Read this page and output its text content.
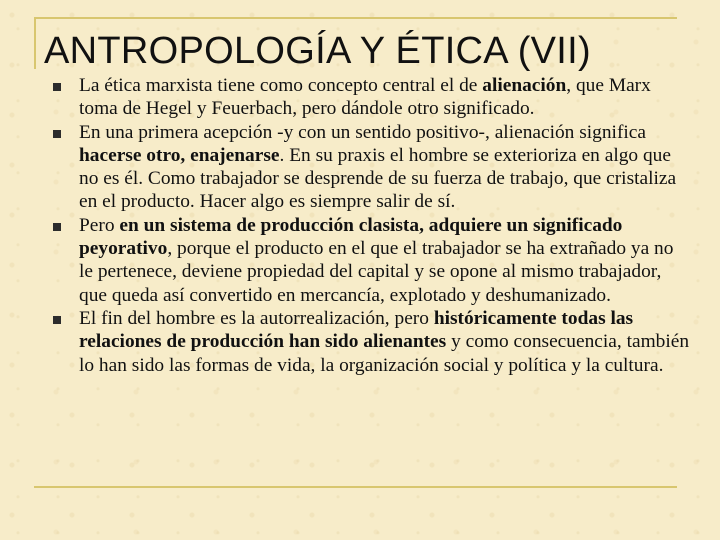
ANTROPOLOGÍA Y ÉTICA (VII)
La ética marxista tiene como concepto central el de alienación, que Marx toma de Hegel y Feuerbach, pero dándole otro significado.
En una primera acepción -y con un sentido positivo-, alienación significa hacerse otro, enajenarse. En su praxis el hombre se exterioriza en algo que no es él. Como trabajador se desprende de su fuerza de trabajo, que cristaliza en el producto. Hacer algo es siempre salir de sí.
Pero en un sistema de producción clasista, adquiere un significado peyorativo, porque el producto en el que el trabajador se ha extrañado ya no le pertenece, deviene propiedad del capital y se opone al mismo trabajador, que queda así convertido en mercancía, explotado y deshumanizado.
El fin del hombre es la autorrealización, pero históricamente todas las relaciones de producción han sido alienantes y como consecuencia, también lo han sido las formas de vida, la organización social y política y la cultura.
